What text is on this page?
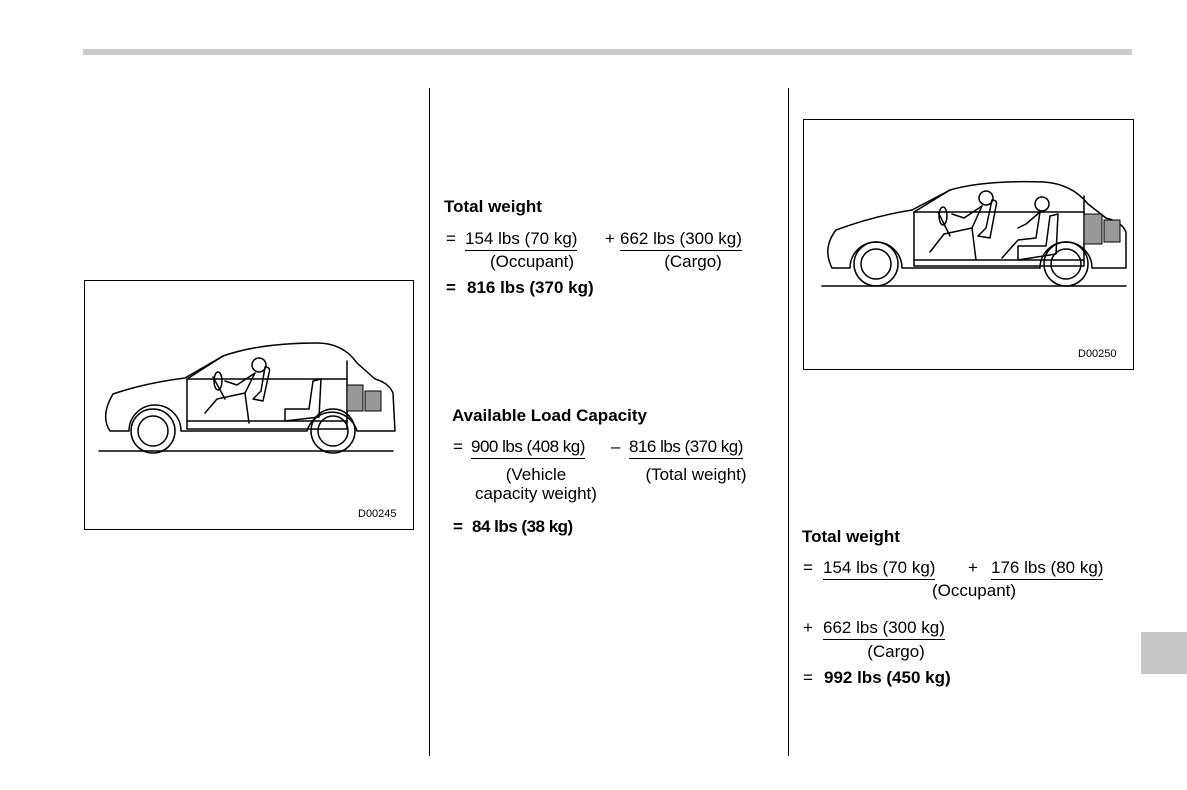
D00245
Total weight
= 154 lbs (70 kg) + 662 lbs (300 kg)
(Occupant)	(Cargo)
= 816 lbs (370 kg)
Available Load Capacity
= 900 lbs (408 kg) – 816 lbs (370 kg)
(Vehicle
capacity weight)
(Total weight)
= 84 lbs (38 kg)
D00250
Total weight
= 154 lbs (70 kg) + 176 lbs (80 kg)
(Occupant)
+ 662 lbs (300 kg)
(Cargo)
= 992 lbs (450 kg)
